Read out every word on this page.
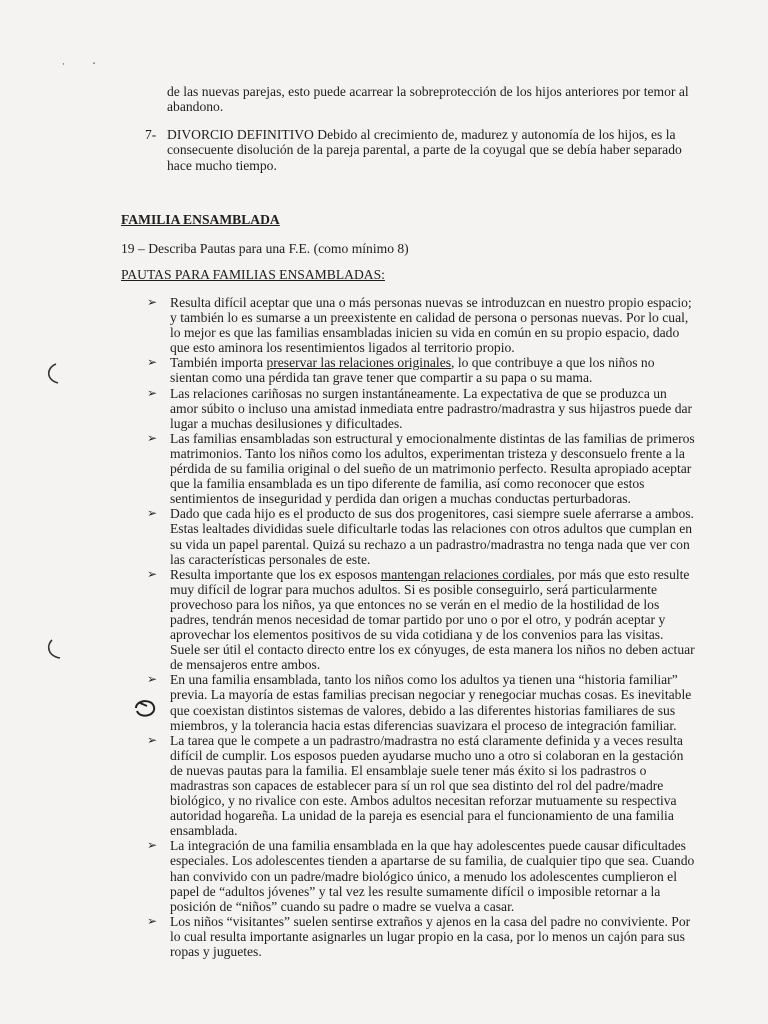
·	ˇ

de las nuevas parejas, esto puede acarrear la sobreprotección de los hijos anteriores por temor al abandono.

7- DIVORCIO DEFINITIVO Debido al crecimiento de, madurez y autonomía de los hijos, es la consecuente disolución de la pareja parental, a parte de la coyugal que se debía haber separado hace mucho tiempo.

FAMILIA ENSAMBLADA

19 – Describa Pautas para una F.E. (como mínimo 8)

PAUTAS PARA FAMILIAS ENSAMBLADAS:

➢ Resulta difícil aceptar que una o más personas nuevas se introduzcan en nuestro propio espacio; y también lo es sumarse a un preexistente en calidad de persona o personas nuevas. Por lo cual, lo mejor es que las familias ensambladas inicien su vida en común en su propio espacio, dado que esto aminora los resentimientos ligados al territorio propio.
➢ También importa preservar las relaciones originales, lo que contribuye a que los niños no sientan como una pérdida tan grave tener que compartir a su papa o su mama.
➢ Las relaciones cariñosas no surgen instantáneamente. La expectativa de que se produzca un amor súbito o incluso una amistad inmediata entre padrastro/madrastra y sus hijastros puede dar lugar a muchas desilusiones y dificultades.
➢ Las familias ensambladas son estructural y emocionalmente distintas de las familias de primeros matrimonios. Tanto los niños como los adultos, experimentan tristeza y desconsuelo frente a la pérdida de su familia original o del sueño de un matrimonio perfecto. Resulta apropiado aceptar que la familia ensamblada es un tipo diferente de familia, así como reconocer que estos sentimientos de inseguridad y perdida dan origen a muchas conductas perturbadoras.
➢ Dado que cada hijo es el producto de sus dos progenitores, casi siempre suele aferrarse a ambos. Estas lealtades divididas suele dificultarle todas las relaciones con otros adultos que cumplan en su vida un papel parental. Quizá su rechazo a un padrastro/madrastra no tenga nada que ver con las características personales de este.
➢ Resulta importante que los ex esposos mantengan relaciones cordiales, por más que esto resulte muy difícil de lograr para muchos adultos. Si es posible conseguirlo, será particularmente provechoso para los niños, ya que entonces no se verán en el medio de la hostilidad de los padres, tendrán menos necesidad de tomar partido por uno o por el otro, y podrán aceptar y aprovechar los elementos positivos de su vida cotidiana y de los convenios para las visitas. Suele ser útil el contacto directo entre los ex cónyuges, de esta manera los niños no deben actuar de mensajeros entre ambos.
➢ En una familia ensamblada, tanto los niños como los adultos ya tienen una “historia familiar” previa. La mayoría de estas familias precisan negociar y renegociar muchas cosas. Es inevitable que coexistan distintos sistemas de valores, debido a las diferentes historias familiares de sus miembros, y la tolerancia hacia estas diferencias suavizara el proceso de integración familiar.
➢ La tarea que le compete a un padrastro/madrastra no está claramente definida y a veces resulta difícil de cumplir. Los esposos pueden ayudarse mucho uno a otro si colaboran en la gestación de nuevas pautas para la familia. El ensamblaje suele tener más éxito si los padrastros o madrastras son capaces de establecer para sí un rol que sea distinto del rol del padre/madre biológico, y no rivalice con este. Ambos adultos necesitan reforzar mutuamente su respectiva autoridad hogareña. La unidad de la pareja es esencial para el funcionamiento de una familia ensamblada.
➢ La integración de una familia ensamblada en la que hay adolescentes puede causar dificultades especiales. Los adolescentes tienden a apartarse de su familia, de cualquier tipo que sea. Cuando han convivido con un padre/madre biológico único, a menudo los adolescentes cumplieron el papel de “adultos jóvenes” y tal vez les resulte sumamente difícil o imposible retornar a la posición de “niños” cuando su padre o madre se vuelva a casar.
➢ Los niños “visitantes” suelen sentirse extraños y ajenos en la casa del padre no conviviente. Por lo cual resulta importante asignarles un lugar propio en la casa, por lo menos un cajón para sus ropas y juguetes.
